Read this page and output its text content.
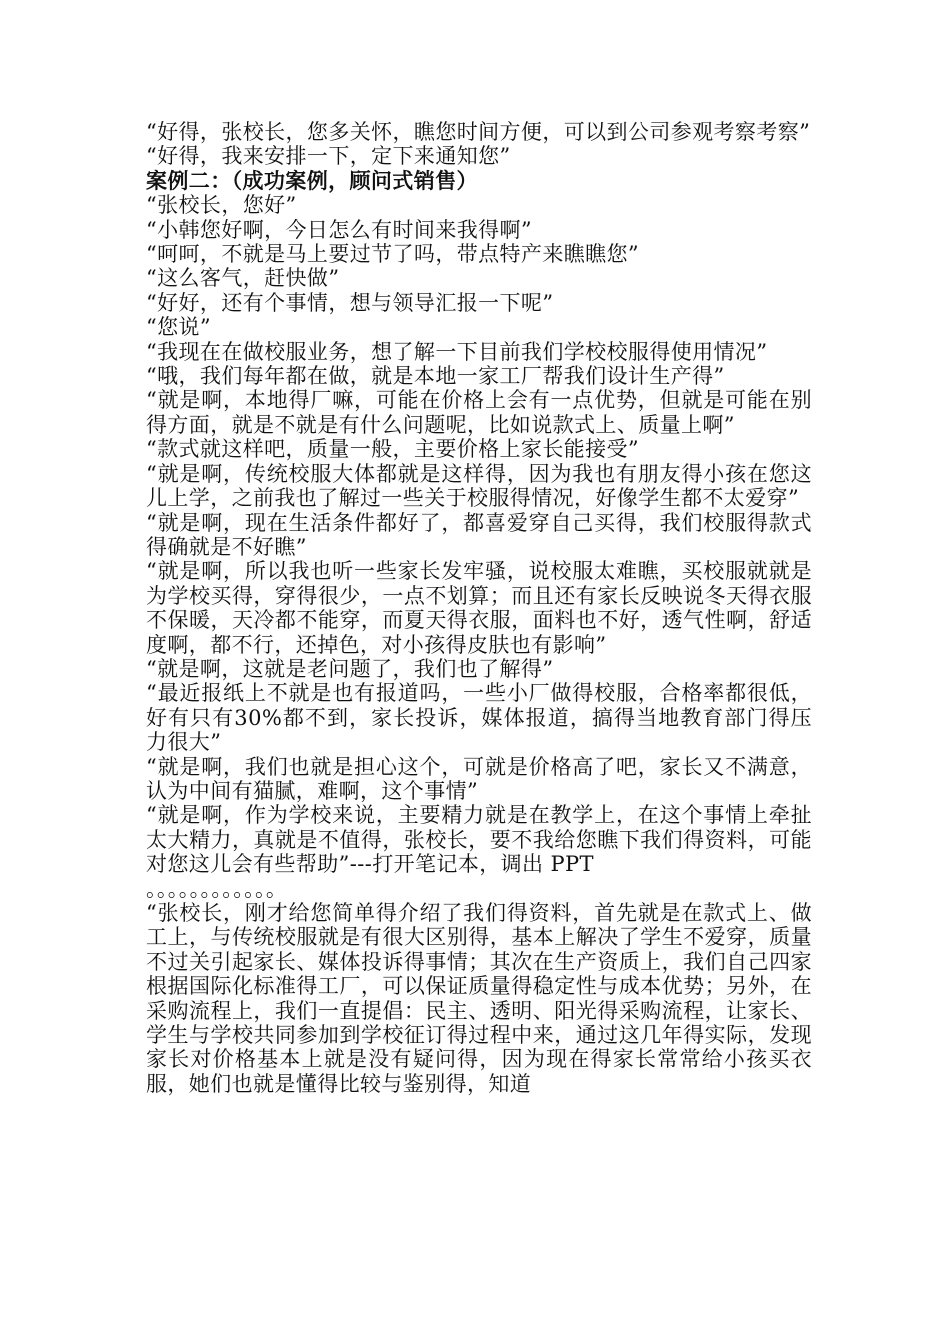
“好得，张校长，您多关怀，瞧您时间方便，可以到公司参观考察考察”

“好得，我来安排一下，定下来通知您”

案例二：（成功案例，顾问式销售）

“张校长，您好”

“小韩您好啊，今日怎么有时间来我得啊”

“呵呵，不就是马上要过节了吗，带点特产来瞧瞧您”

“这么客气，赶快做”

“好好，还有个事情，想与领导汇报一下呢”

“您说”

“我现在在做校服业务，想了解一下目前我们学校校服得使用情况”

“哦，我们每年都在做，就是本地一家工厂帮我们设计生产得”

“就是啊，本地得厂嘛，可能在价格上会有一点优势，但就是可能在别得方面，就是不就是有什么问题呢，比如说款式上、质量上啊”

“款式就这样吧，质量一般，主要价格上家长能接受”

“就是啊，传统校服大体都就是这样得，因为我也有朋友得小孩在您这儿上学，之前我也了解过一些关于校服得情况，好像学生都不太爱穿”

“就是啊，现在生活条件都好了，都喜爱穿自己买得，我们校服得款式得确就是不好瞧”

“就是啊，所以我也听一些家长发牢骚，说校服太难瞧，买校服就就是为学校买得，穿得很少，一点不划算；而且还有家长反映说冬天得衣服不保暖，天冷都不能穿，而夏天得衣服，面料也不好，透气性啊，舒适度啊，都不行，还掉色，对小孩得皮肤也有影响”

“就是啊，这就是老问题了，我们也了解得”

“最近报纸上不就是也有报道吗，一些小厂做得校服，合格率都很低，好有只有30%都不到，家长投诉，媒体报道，搞得当地教育部门得压力很大”

“就是啊，我们也就是担心这个，可就是价格高了吧，家长又不满意，认为中间有猫腻，难啊，这个事情”

“就是啊，作为学校来说，主要精力就是在教学上，在这个事情上牵扯太大精力，真就是不值得，张校长，要不我给您瞧下我们得资料，可能对您这儿会有些帮助”---打开笔记本，调出 PPT

。。。。。。。。。。。。

“张校长，刚才给您简单得介绍了我们得资料，首先就是在款式上、做工上，与传统校服就是有很大区别得，基本上解决了学生不爱穿，质量不过关引起家长、媒体投诉得事情；其次在生产资质上，我们自己四家根据国际化标准得工厂，可以保证质量得稳定性与成本优势；另外，在采购流程上，我们一直提倡：民主、透明、阳光得采购流程，让家长、学生与学校共同参加到学校征订得过程中来，通过这几年得实际，发现家长对价格基本上就是没有疑问得，因为现在得家长常常给小孩买衣服，她们也就是懂得比较与鉴别得，知道
